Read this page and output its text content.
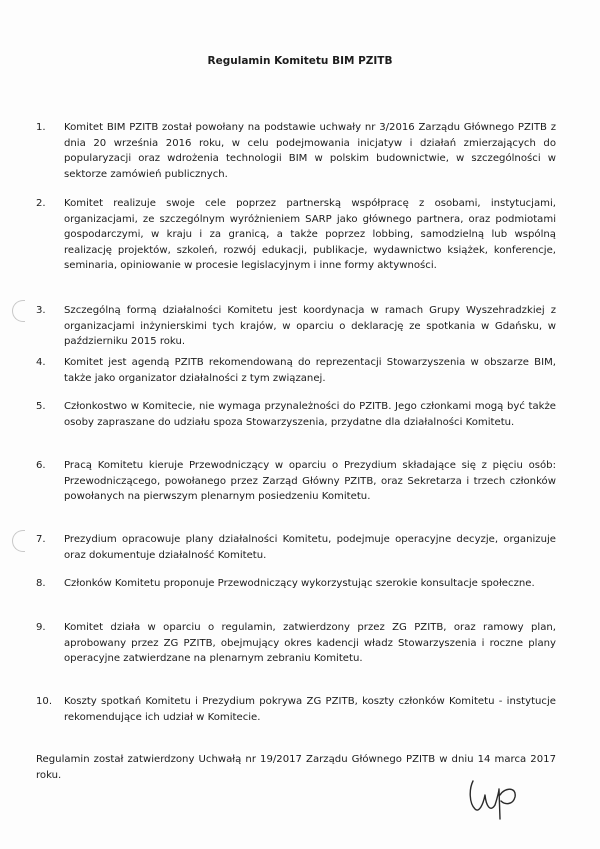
Regulamin Komitetu BIM PZITB
1.	Komitet BIM PZITB został powołany na podstawie uchwały nr 3/2016 Zarządu Głównego PZITB z dnia 20 września 2016 roku, w celu podejmowania inicjatyw i działań zmierzających do popularyzacji oraz wdrożenia technologii BIM w polskim budownictwie, w szczególności w sektorze zamówień publicznych.
2.	Komitet realizuje swoje cele poprzez partnerską współpracę z osobami, instytucjami, organizacjami, ze szczególnym wyróżnieniem SARP jako głównego partnera, oraz podmiotami gospodarczymi, w kraju i za granicą, a także poprzez lobbing, samodzielną lub wspólną realizację projektów, szkoleń, rozwój edukacji, publikacje, wydawnictwo książek, konferencje, seminaria, opiniowanie w procesie legislacyjnym i inne formy aktywności.
3.	Szczególną formą działalności Komitetu jest koordynacja w ramach Grupy Wyszehradzkiej z organizacjami inżynierskimi tych krajów, w oparciu o deklarację ze spotkania w Gdańsku, w październiku 2015 roku.
4.	Komitet jest agendą PZITB rekomendowaną do reprezentacji Stowarzyszenia w obszarze BIM, także jako organizator działalności z tym związanej.
5.	Członkostwo w Komitecie, nie wymaga przynależności do PZITB. Jego członkami mogą być także osoby zapraszane do udziału spoza Stowarzyszenia, przydatne dla działalności Komitetu.
6.	Pracą Komitetu kieruje Przewodniczący w oparciu o Prezydium składające się z pięciu osób: Przewodniczącego, powołanego przez Zarząd Główny PZITB, oraz Sekretarza i trzech członków powołanych na pierwszym plenarnym posiedzeniu Komitetu.
7.	Prezydium opracowuje plany działalności Komitetu, podejmuje operacyjne decyzje, organizuje oraz dokumentuje działalność Komitetu.
8.	Członków Komitetu proponuje Przewodniczący wykorzystując szerokie konsultacje społeczne.
9.	Komitet działa w oparciu o regulamin, zatwierdzony przez ZG PZITB, oraz ramowy plan, aprobowany przez ZG PZITB, obejmujący okres kadencji władz Stowarzyszenia i roczne plany operacyjne zatwierdzane na plenarnym zebraniu Komitetu.
10.	Koszty spotkań Komitetu i Prezydium pokrywa ZG PZITB, koszty członków Komitetu - instytucje rekomendujące ich udział w Komitecie.
Regulamin został zatwierdzony Uchwałą nr 19/2017 Zarządu Głównego PZITB w dniu 14 marca 2017 roku.
